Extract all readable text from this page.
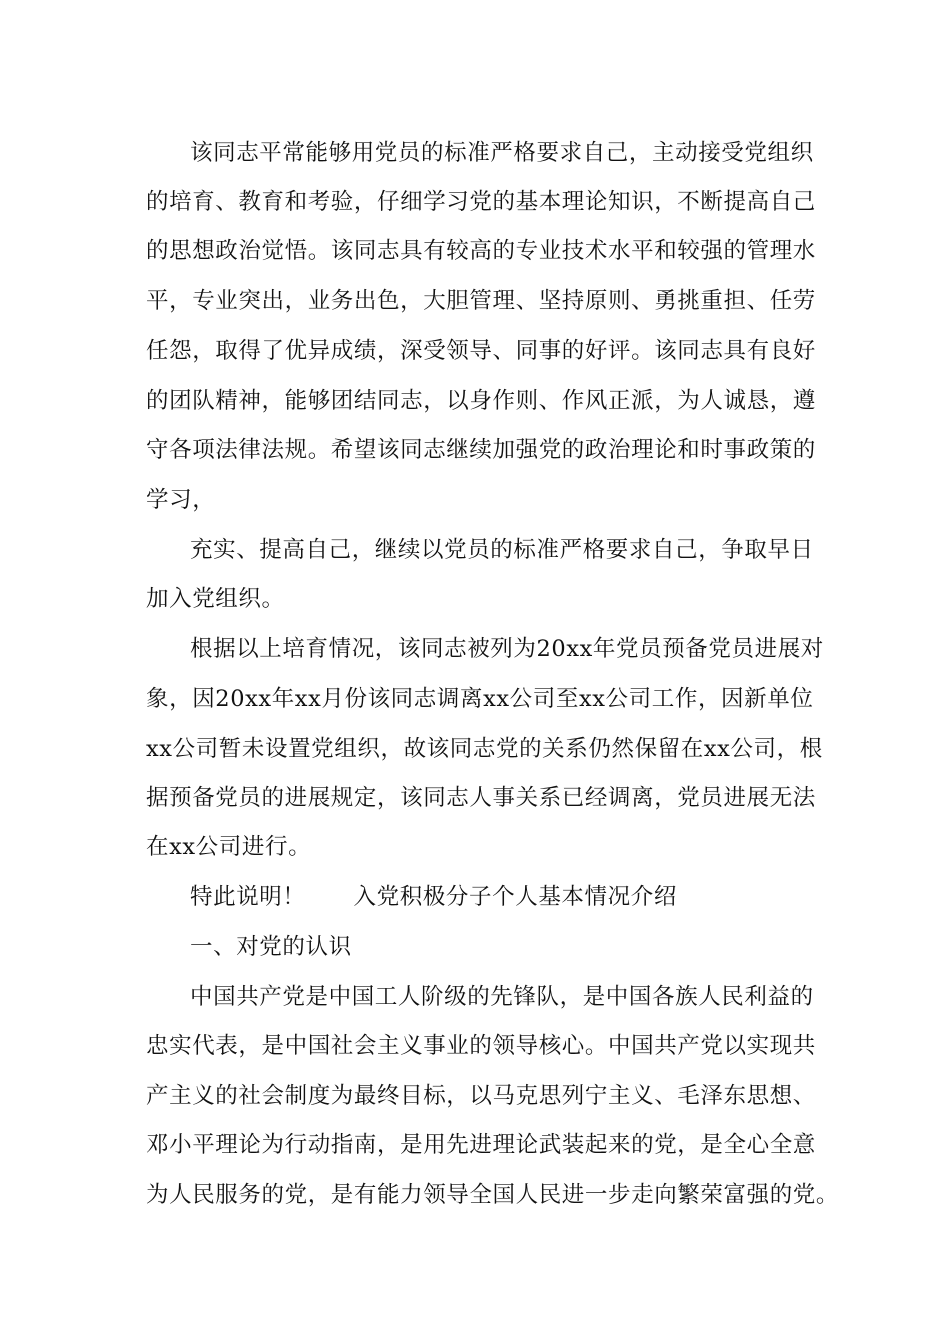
该同志平常能够用党员的标准严格要求自己，主动接受党组织
的培育、教育和考验，仔细学习党的基本理论知识，不断提高自己
的思想政治觉悟。该同志具有较高的专业技术水平和较强的管理水
平，专业突出，业务出色，大胆管理、坚持原则、勇挑重担、任劳
任怨，取得了优异成绩，深受领导、同事的好评。该同志具有良好
的团队精神，能够团结同志，以身作则、作风正派，为人诚恳，遵
守各项法律法规。希望该同志继续加强党的政治理论和时事政策的
学习，
充实、提高自己，继续以党员的标准严格要求自己，争取早日
加入党组织。
根据以上培育情况，该同志被列为20xx年党员预备党员进展对
象，因20xx年xx月份该同志调离xx公司至xx公司工作，因新单位
xx公司暂未设置党组织，故该同志党的关系仍然保留在xx公司，根
据预备党员的进展规定，该同志人事关系已经调离，党员进展无法
在xx公司进行。
特此说明！ 入党积极分子个人基本情况介绍
一、对党的认识
中国共产党是中国工人阶级的先锋队，是中国各族人民利益的
忠实代表，是中国社会主义事业的领导核心。中国共产党以实现共
产主义的社会制度为最终目标，以马克思列宁主义、毛泽东思想、
邓小平理论为行动指南，是用先进理论武装起来的党，是全心全意
为人民服务的党，是有能力领导全国人民进一步走向繁荣富强的党。
